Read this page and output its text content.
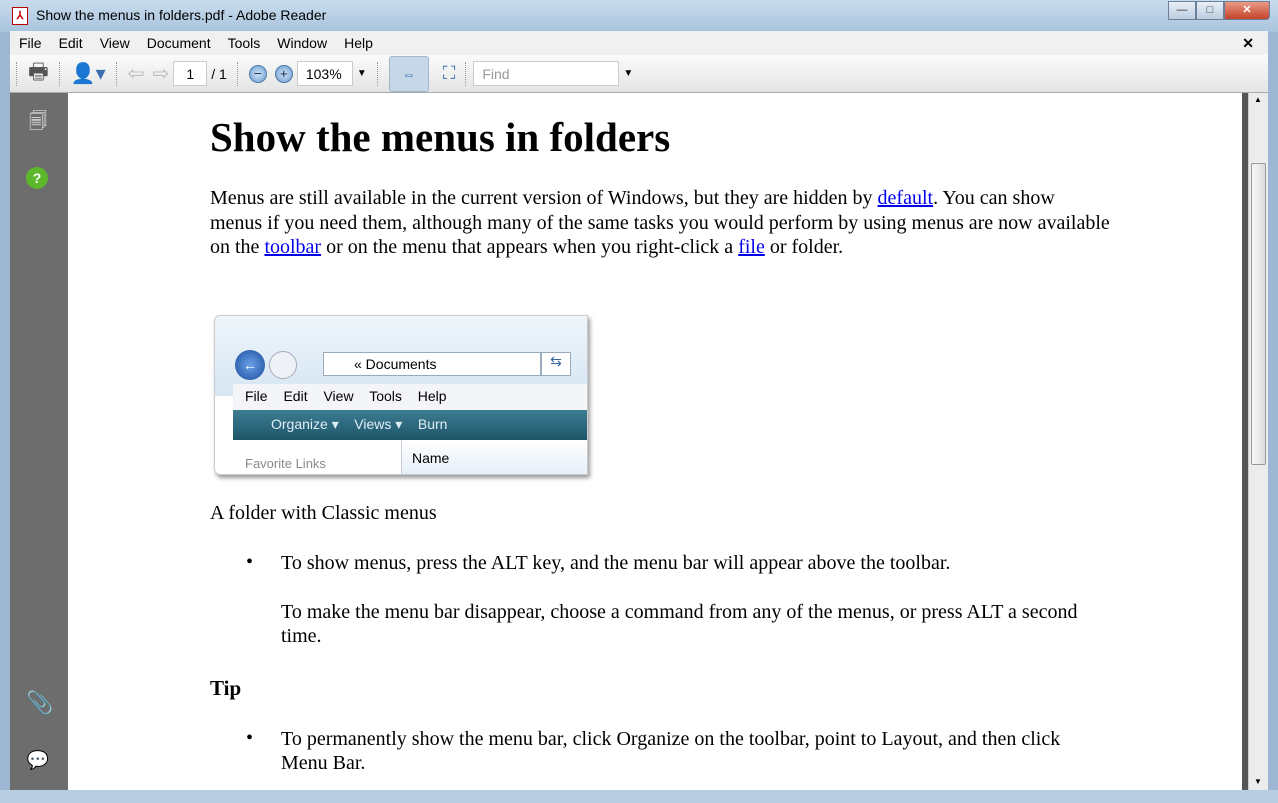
⅄ Show the menus in folders.pdf - Adobe Reader	—	□	✕
File	Edit	View	Document	Tools	Window	Help	✕
🖶 👤▾ ⇦ ⇨	1	/ 1	−	+	103%	▼	⇔	⛶	Find	▼
🗐
?
📎
💬
Show the menus in folders
Menus are still available in the current version of Windows, but they are hidden by default. You can show menus if you need them, although many of the same tasks you would perform by using menus are now available on the toolbar or on the menu that appears when you right-click a file or folder.
←	« Documents	⇆
File Edit View Tools Help
Organize ▾ Views ▾ Burn
Favorite Links	Name
A folder with Classic menus
• To show menus, press the ALT key, and the menu bar will appear above the toolbar.
To make the menu bar disappear, choose a command from any of the menus, or press ALT a second time.
Tip
• To permanently show the menu bar, click Organize on the toolbar, point to Layout, and then click Menu Bar.
▲
▼
